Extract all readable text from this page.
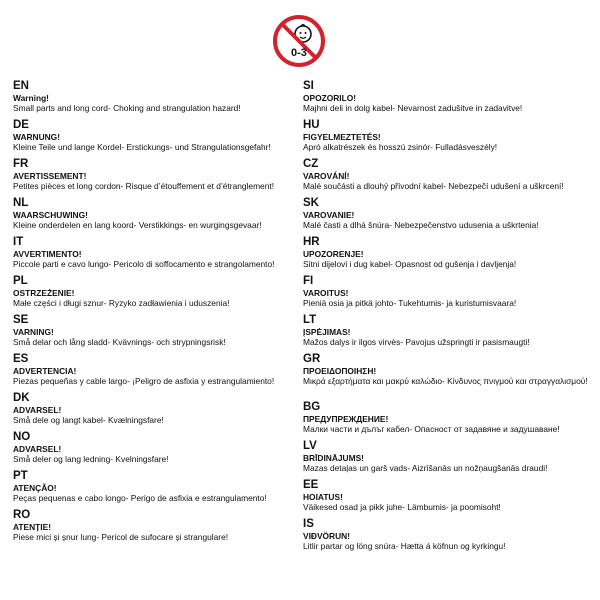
0-3
EN
Warning!
Small parts and long cord- Choking and strangulation hazard!
DE
WARNUNG!
Kleine Teile und lange Kordel- Erstickungs- und Strangulationsgefahr!
FR
AVERTISSEMENT!
Petites pièces et long cordon- Risque d’étouffement et d’étranglement!
NL
WAARSCHUWING!
Kleine onderdelen en lang koord- Verstikkings- en wurgingsgevaar!
IT
AVVERTIMENTO!
Piccole parti e cavo lungo- Pericolo di soffocamento e strangolamento!
PL
OSTRZEŻENIE!
Małe części i długi sznur- Ryzyko zadławienia i uduszenia!
SE
VARNING!
Små delar och lång sladd- Kvävnings- och strypningsrisk!
ES
ADVERTENCIA!
Piezas pequeñas y cable largo- ¡Peligro de asfixia y estrangulamiento!
DK
ADVARSEL!
Små dele og langt kabel- Kvælningsfare!
NO
ADVARSEL!
Små deler og lang ledning- Kvelningsfare!
PT
ATENÇÃO!
Peças pequenas e cabo longo- Perigo de asfixia e estrangulamento!
RO
ATENȚIE!
Piese mici și șnur lung- Pericol de sufocare și strangulare!
SI
OPOZORILO!
Majhni deli in dolg kabel- Nevarnost zadušitve in zadavitve!
HU
FIGYELMEZTETÉS!
Apró alkatrészek és hosszú zsinór- Fulladásveszély!
CZ
VAROVÁNÍ!
Malé součásti a dlouhý přívodní kabel- Nebezpečí udušení a uškrcení!
SK
VAROVANIE!
Malé časti a dlhá šnúra- Nebezpečenstvo udusenia a uškrtenia!
HR
UPOZORENJE!
Sitni dijelovi i dug kabel- Opasnost od gušenja i davljenja!
FI
VAROITUS!
Pieniä osia ja pitkä johto- Tukehtumis- ja kuristumisvaara!
LT
ĮSPĖJIMAS!
Mažos dalys ir ilgos virvės- Pavojus užspringti ir pasismaugti!
GR
ΠΡΟΕΙΔΟΠΟΙΗΣΗ!
Μικρά εξαρτήματα και μακρύ καλώδιο- Κίνδυνος πνιγμού και στραγγαλισμού!
BG
ПРЕДУПРЕЖДЕНИЕ!
Малки части и дълъг кабел- Опасност от задавяне и задушаване!
LV
BRĪDINĀJUMS!
Mazas detaļas un garš vads- Aizrīšanās un nožņaugšanās draudi!
EE
HOIATUS!
Väikesed osad ja pikk juhe- Lämbumis- ja poomisoht!
IS
VIÐVÖRUN!
Litlir partar og löng snúra- Hætta á köfnun og kyrkingu!
